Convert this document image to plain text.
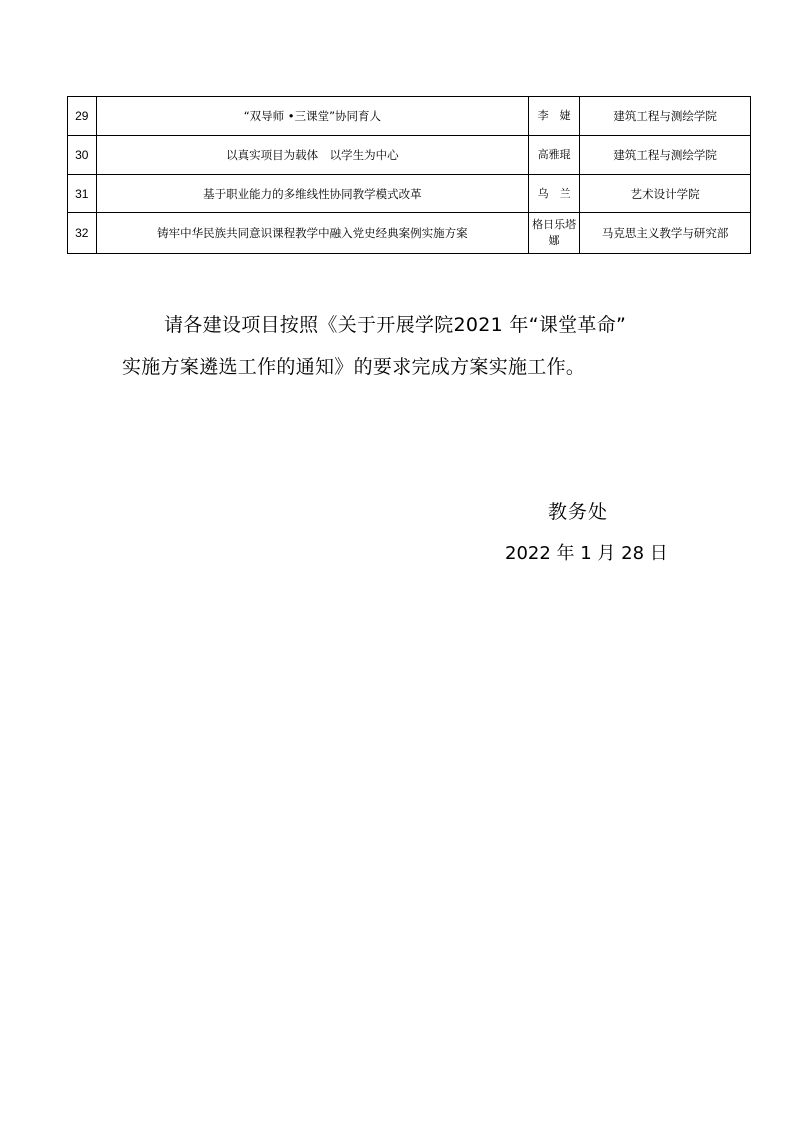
29	“双导师 •三课堂”协同育人	李　婕	建筑工程与测绘学院
30	以真实项目为载体　以学生为中心	高雅琨	建筑工程与测绘学院
31	基于职业能力的多维线性协同教学模式改革	乌　兰	艺术设计学院
32	铸牢中华民族共同意识课程教学中融入党史经典案例实施方案	格日乐塔娜	马克思主义教学与研究部
请各建设项目按照《关于开展学院2021 年“课堂革命”
实施方案遴选工作的通知》的要求完成方案实施工作。
教务处
2022 年 1 月 28 日
